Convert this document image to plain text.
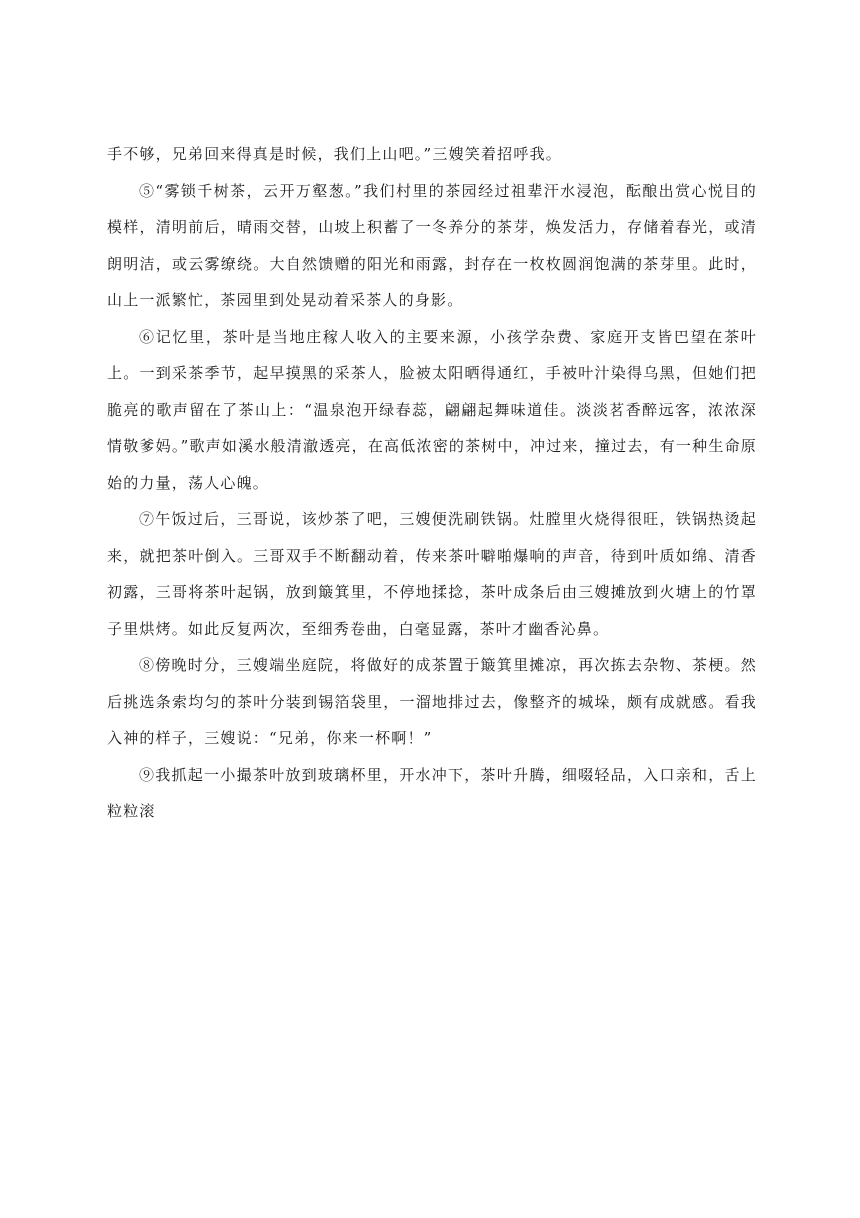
手不够，兄弟回来得真是时候，我们上山吧。”三嫂笑着招呼我。

⑤“雾锁千树茶，云开万壑葱。”我们村里的茶园经过祖辈汗水浸泡，酝酿出赏心悦目的模样，清明前后，晴雨交替，山坡上积蓄了一冬养分的茶芽，焕发活力，存储着春光，或清朗明洁，或云雾缭绕。大自然馈赠的阳光和雨露，封存在一枚枚圆润饱满的茶芽里。此时，山上一派繁忙，茶园里到处晃动着采茶人的身影。

⑥记忆里，茶叶是当地庄稼人收入的主要来源，小孩学杂费、家庭开支皆巴望在茶叶上。一到采茶季节，起早摸黑的采茶人，脸被太阳晒得通红，手被叶汁染得乌黑，但她们把脆亮的歌声留在了茶山上：“温泉泡开绿春蕊，翩翩起舞味道佳。淡淡茗香醉远客，浓浓深情敬爹妈。”歌声如溪水般清澈透亮，在高低浓密的茶树中，冲过来，撞过去，有一种生命原始的力量，荡人心魄。

⑦午饭过后，三哥说，该炒茶了吧，三嫂便洗刷铁锅。灶膛里火烧得很旺，铁锅热烫起来，就把茶叶倒入。三哥双手不断翻动着，传来茶叶噼啪爆响的声音，待到叶质如绵、清香初露，三哥将茶叶起锅，放到簸箕里，不停地揉捻，茶叶成条后由三嫂摊放到火塘上的竹罩子里烘烤。如此反复两次，至细秀卷曲，白毫显露，茶叶才幽香沁鼻。

⑧傍晚时分，三嫂端坐庭院，将做好的成茶置于簸箕里摊凉，再次拣去杂物、茶梗。然后挑选条索均匀的茶叶分装到锡箔袋里，一溜地排过去，像整齐的城垛，颇有成就感。看我入神的样子，三嫂说：“兄弟，你来一杯啊！”

⑨我抓起一小撮茶叶放到玻璃杯里，开水冲下，茶叶升腾，细啜轻品，入口亲和，舌上粒粒滚
